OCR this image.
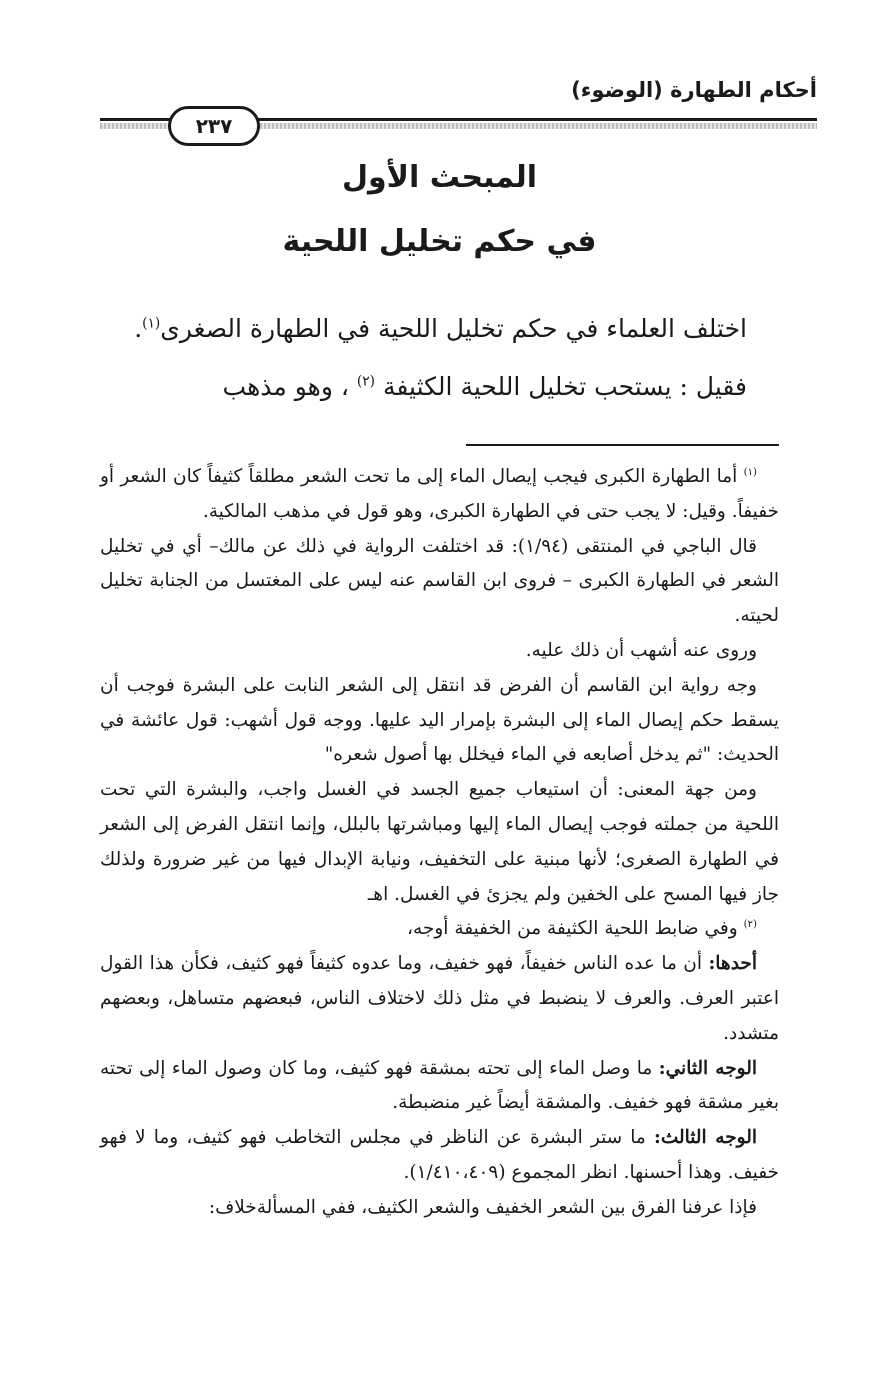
أحكام الطهارة (الوضوء)
٢٣٧
المبحث الأول
في حكم تخليل اللحية

اختلف العلماء في حكم تخليل اللحية في الطهارة الصغرى$^{(١)}$.

فقيل : يستحب تخليل اللحية الكثيفة $^{(٢)}$ ، وهو مذهب

$^{(١)}$ أما الطهارة الكبرى فيجب إيصال الماء إلى ما تحت الشعر مطلقاً كثيفاً كان الشعر أو خفيفاً. وقيل: لا يجب حتى في الطهارة الكبرى، وهو قول في مذهب المالكية.

قال الباجي في المنتقى (١/٩٤): قد اختلفت الرواية في ذلك عن مالك– أي في تخليل الشعر في الطهارة الكبرى – فروى ابن القاسم عنه ليس على المغتسل من الجنابة تخليل لحيته.

وروى عنه أشهب أن ذلك عليه.

وجه رواية ابن القاسم أن الفرض قد انتقل إلى الشعر النابت على البشرة فوجب أن يسقط حكم إيصال الماء إلى البشرة بإمرار اليد عليها. ووجه قول أشهب: قول عائشة في الحديث: "ثم يدخل أصابعه في الماء فيخلل بها أصول شعره"

ومن جهة المعنى: أن استيعاب جميع الجسد في الغسل واجب، والبشرة التي تحت اللحية من جملته فوجب إيصال الماء إليها ومباشرتها بالبلل، وإنما انتقل الفرض إلى الشعر في الطهارة الصغرى؛ لأنها مبنية على التخفيف، ونيابة الإبدال فيها من غير ضرورة ولذلك جاز فيها المسح على الخفين ولم يجزئ في الغسل. اهـ

$^{(٢)}$ وفي ضابط اللحية الكثيفة من الخفيفة أوجه،

أحدها: أن ما عده الناس خفيفاً، فهو خفيف، وما عدوه كثيفاً فهو كثيف، فكأن هذا القول اعتبر العرف. والعرف لا ينضبط في مثل ذلك لاختلاف الناس، فبعضهم متساهل، وبعضهم متشدد.

الوجه الثاني: ما وصل الماء إلى تحته بمشقة فهو كثيف، وما كان وصول الماء إلى تحته بغير مشقة فهو خفيف. والمشقة أيضاً غير منضبطة.

الوجه الثالث: ما ستر البشرة عن الناظر في مجلس التخاطب فهو كثيف، وما لا فهو خفيف. وهذا أحسنها. انظر المجموع (١/٤١٠،٤٠٩).

فإذا عرفنا الفرق بين الشعر الخفيف والشعر الكثيف، ففي المسألةخلاف:
